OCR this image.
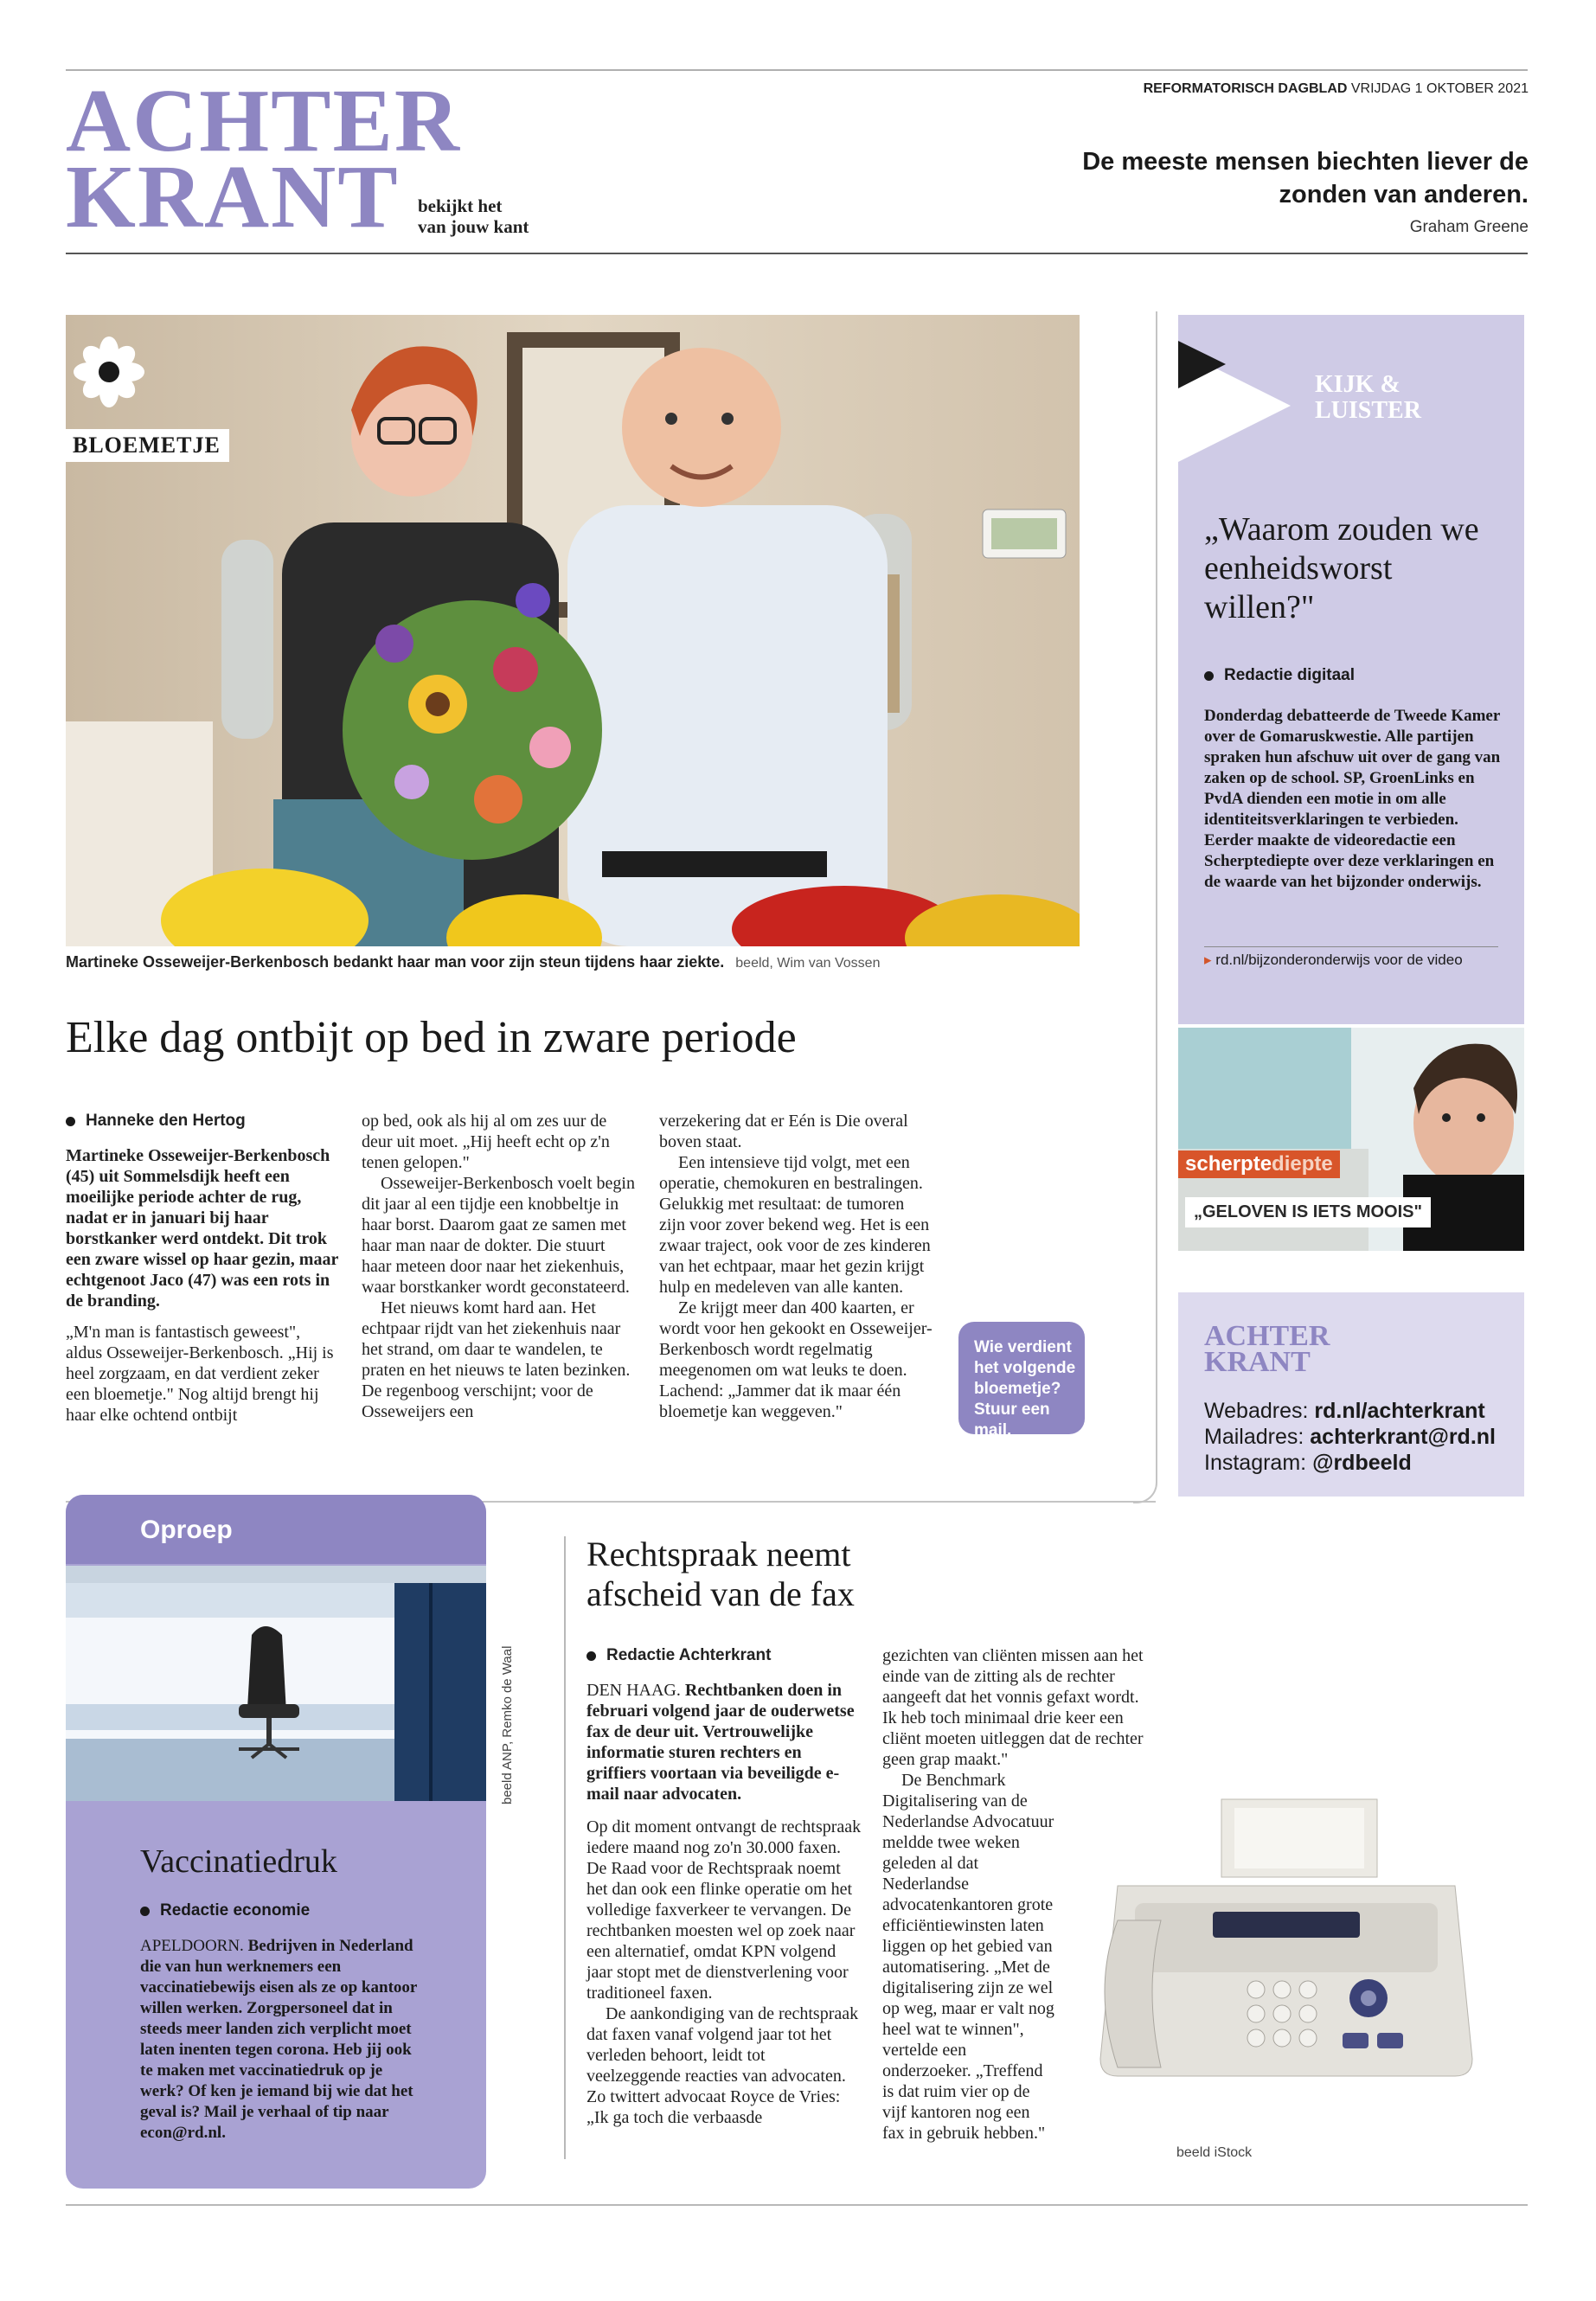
REFORMATORISCH DAGBLAD VRIJDAG 1 OKTOBER 2021
ACHTER
KRANT	bekijkt het
van jouw kant
De meeste mensen biechten liever de
zonden van anderen.
Graham Greene
BLOEMETJE
Martineke Osseweijer-Berkenbosch bedankt haar man voor zijn steun tijdens haar ziekte. beeld, Wim van Vossen
Elke dag ontbijt op bed in zware periode
Hanneke den Hertog

Martineke Osseweijer-Berkenbosch (45) uit Sommelsdijk heeft een moeilijke periode achter de rug, nadat er in januari bij haar borstkanker werd ontdekt. Dit trok een zware wissel op haar gezin, maar echtgenoot Jaco (47) was een rots in de branding.

„M'n man is fantastisch geweest", aldus Osseweijer-Berkenbosch. „Hij is heel zorgzaam, en dat verdient zeker een bloemetje." Nog altijd brengt hij haar elke ochtend ontbijt

op bed, ook als hij al om zes uur de deur uit moet. „Hij heeft echt op z'n tenen gelopen."

Osseweijer-Berkenbosch voelt begin dit jaar al een tijdje een knobbeltje in haar borst. Daarom gaat ze samen met haar man naar de dokter. Die stuurt haar meteen door naar het ziekenhuis, waar borstkanker wordt geconstateerd.

Het nieuws komt hard aan. Het echtpaar rijdt van het ziekenhuis naar het strand, om daar te wandelen, te praten en het nieuws te laten bezinken. De regenboog verschijnt; voor de Osseweijers een

verzekering dat er Eén is Die overal boven staat.

Een intensieve tijd volgt, met een operatie, chemokuren en bestralingen. Gelukkig met resultaat: de tumoren zijn voor zover bekend weg. Het is een zwaar traject, ook voor de zes kinderen van het echtpaar, maar het gezin krijgt hulp en medeleven van alle kanten.

Ze krijgt meer dan 400 kaarten, er wordt voor hen gekookt en Osseweijer-Berkenbosch wordt regelmatig meegenomen om wat leuks te doen. Lachend: „Jammer dat ik maar één bloemetje kan weggeven."

Wie verdient het volgende bloemetje? Stuur een mail.
KIJK &
LUISTER
„Waarom zouden we eenheidsworst willen?"
Redactie digitaal
Donderdag debatteerde de Tweede Kamer over de Gomaruskwestie. Alle partijen spraken hun afschuw uit over de gang van zaken op de school. SP, GroenLinks en PvdA dienden een motie in om alle identiteitsverklaringen te verbieden. Eerder maakte de videoredactie een Scherptediepte over deze verklaringen en de waarde van het bijzonder onderwijs.
▸ rd.nl/bijzonderonderwijs voor de video
scherptediepte
„GELOVEN IS IETS MOOIS"
ACHTER
KRANT
Webadres: rd.nl/achterkrant
Mailadres: achterkrant@rd.nl
Instagram: @rdbeeld
Oproep
beeld ANP, Remko de Waal
Vaccinatiedruk
Redactie economie
APELDOORN. Bedrijven in Nederland die van hun werknemers een vaccinatiebewijs eisen als ze op kantoor willen werken. Zorgpersoneel dat in steeds meer landen zich verplicht moet laten inenten tegen corona. Heb jij ook te maken met vaccinatiedruk op je werk? Of ken je iemand bij wie dat het geval is? Mail je verhaal of tip naar econ@rd.nl.
Rechtspraak neemt
afscheid van de fax
Redactie Achterkrant

DEN HAAG. Rechtbanken doen in februari volgend jaar de ouderwetse fax de deur uit. Vertrouwelijke informatie sturen rechters en griffiers voortaan via beveiligde e-mail naar advocaten.

Op dit moment ontvangt de rechtspraak iedere maand nog zo'n 30.000 faxen. De Raad voor de Rechtspraak noemt het dan ook een flinke operatie om het volledige faxverkeer te vervangen. De rechtbanken moesten wel op zoek naar een alternatief, omdat KPN volgend jaar stopt met de dienstverlening voor traditioneel faxen.

De aankondiging van de rechtspraak dat faxen vanaf volgend jaar tot het verleden behoort, leidt tot veelzeggende reacties van advocaten. Zo twittert advocaat Royce de Vries: „Ik ga toch die verbaasde

gezichten van cliënten missen aan het einde van de zitting als de rechter aangeeft dat het vonnis gefaxt wordt. Ik heb toch minimaal drie keer een cliënt moeten uitleggen dat de rechter geen grap maakt."

De Benchmark Digitalisering van de Nederlandse Advocatuur meldde twee weken geleden al dat Nederlandse advocatenkantoren grote efficiëntiewinsten laten liggen op het gebied van automatisering. „Met de digitalisering zijn ze wel op weg, maar er valt nog heel wat te winnen", vertelde een onderzoeker. „Treffend is dat ruim vier op de vijf kantoren nog een fax in gebruik hebben."

beeld iStock
